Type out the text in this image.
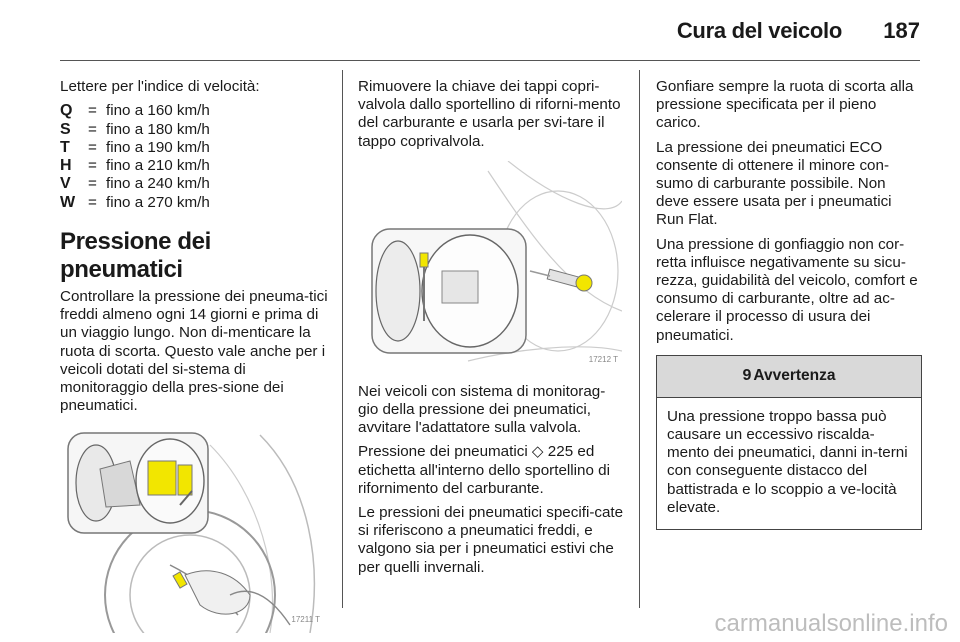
Cura del veicolo 187
Lettere per l'indice di velocità:
Q	= fino a 160 km/h
S	= fino a 180 km/h
T	= fino a 190 km/h
H	= fino a 210 km/h
V	= fino a 240 km/h
W = fino a 270 km/h
Pressione dei pneumatici

Controllare la pressione dei pneuma-tici freddi almeno ogni 14 giorni e prima di un viaggio lungo. Non di-menticare la ruota di scorta. Questo vale anche per i veicoli dotati del si-stema di monitoraggio della pres-sione dei pneumatici.

17211 T

Rimuovere la chiave dei tappi copri-valvola dallo sportellino di riforni-mento del carburante e usarla per svi-tare il tappo coprivalvola.

17212 T

Nei veicoli con sistema di monitorag-gio della pressione dei pneumatici, avvitare l'adattatore sulla valvola.

Pressione dei pneumatici ◇ 225 ed etichetta all'interno dello sportellino di rifornimento del carburante.

Le pressioni dei pneumatici specifi-cate si riferiscono a pneumatici freddi, e valgono sia per i pneumatici estivi che per quelli invernali.

Gonfiare sempre la ruota di scorta alla pressione specificata per il pieno carico.

La pressione dei pneumatici ECO consente di ottenere il minore con-sumo di carburante possibile. Non deve essere usata per i pneumatici Run Flat.

Una pressione di gonfiaggio non cor-retta influisce negativamente su sicu-rezza, guidabilità del veicolo, comfort e consumo di carburante, oltre ad ac-celerare il processo di usura dei pneumatici.

9 Avvertenza
Una pressione troppo bassa può causare un eccessivo riscalda-mento dei pneumatici, danni in-terni con conseguente distacco del battistrada e lo scoppio a ve-locità elevate.
carmanualsonline.info
